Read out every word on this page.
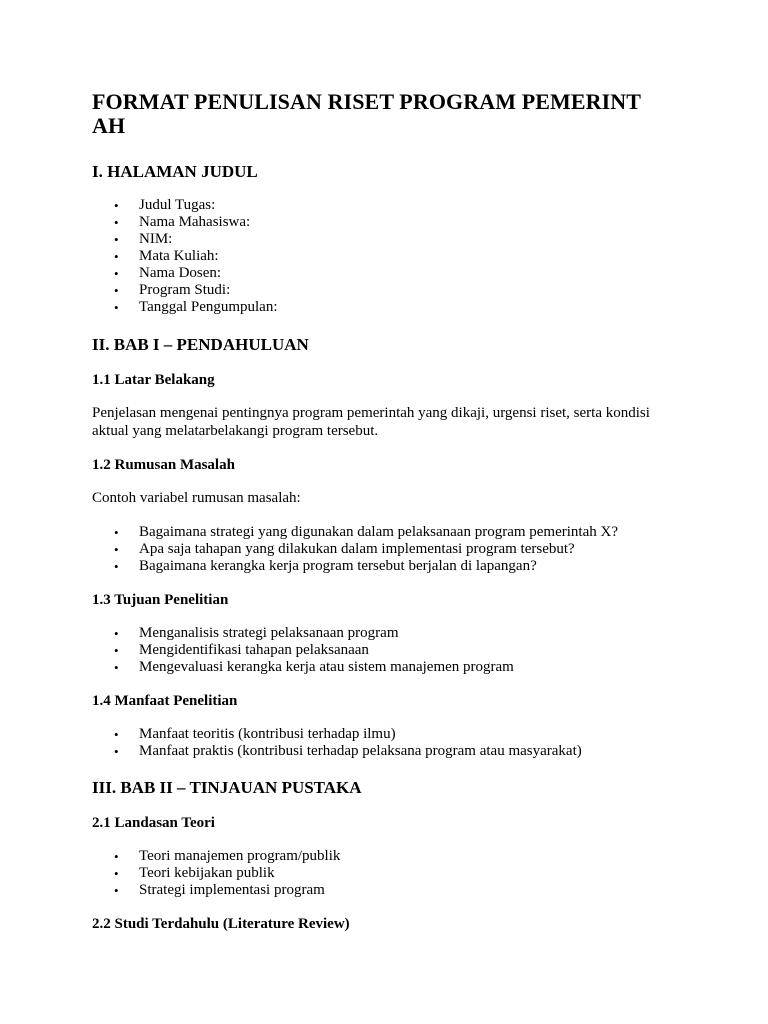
FORMAT PENULISAN RISET PROGRAM PEMERINT
AH
I. HALAMAN JUDUL
• Judul Tugas:
• Nama Mahasiswa:
• NIM:
• Mata Kuliah:
• Nama Dosen:
• Program Studi:
• Tanggal Pengumpulan:
II. BAB I – PENDAHULUAN
1.1 Latar Belakang

Penjelasan mengenai pentingnya program pemerintah yang dikaji, urgensi riset, serta kondisi
aktual yang melatarbelakangi program tersebut.

1.2 Rumusan Masalah

Contoh variabel rumusan masalah:

• Bagaimana strategi yang digunakan dalam pelaksanaan program pemerintah X?
• Apa saja tahapan yang dilakukan dalam implementasi program tersebut?
• Bagaimana kerangka kerja program tersebut berjalan di lapangan?
1.3 Tujuan Penelitian
• Menganalisis strategi pelaksanaan program
• Mengidentifikasi tahapan pelaksanaan
• Mengevaluasi kerangka kerja atau sistem manajemen program
1.4 Manfaat Penelitian
• Manfaat teoritis (kontribusi terhadap ilmu)
• Manfaat praktis (kontribusi terhadap pelaksana program atau masyarakat)
III. BAB II – TINJAUAN PUSTAKA
2.1 Landasan Teori
• Teori manajemen program/publik
• Teori kebijakan publik
• Strategi implementasi program
2.2 Studi Terdahulu (Literature Review)
